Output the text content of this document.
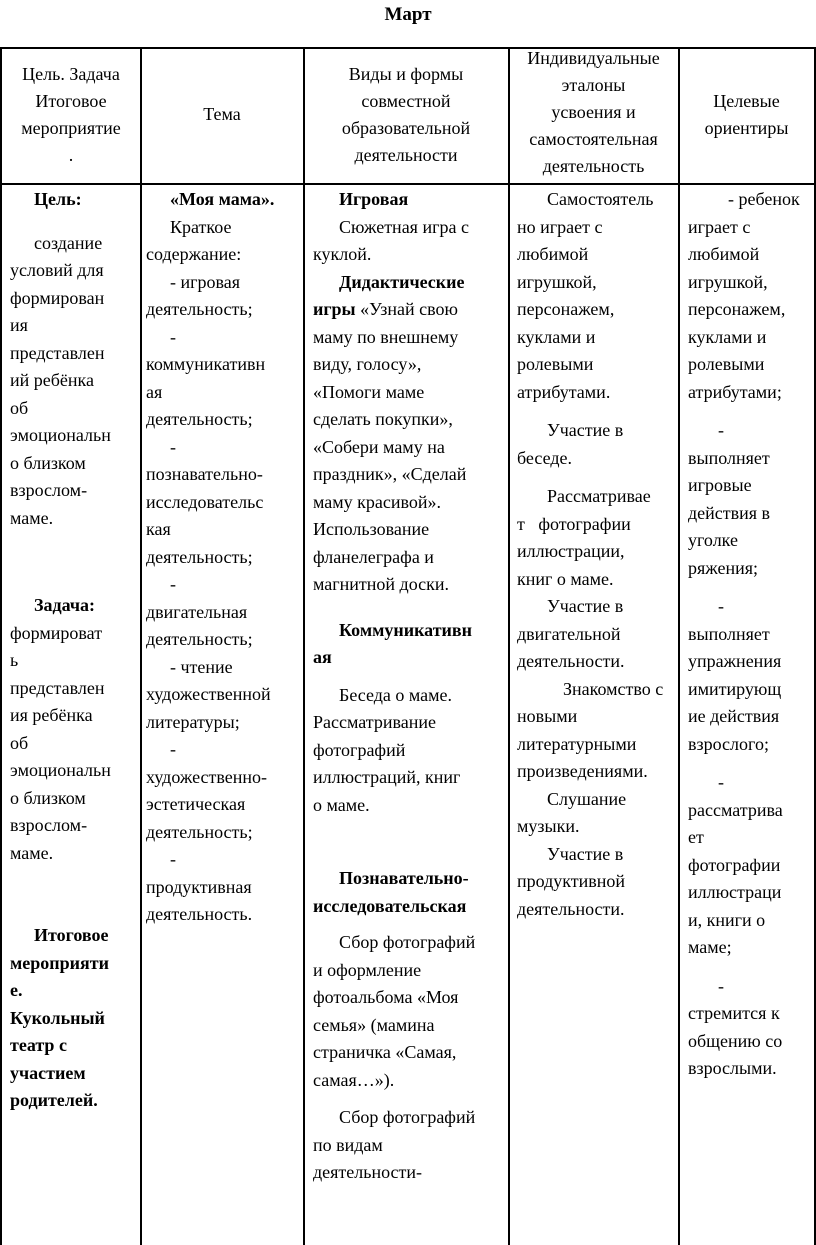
Март

Цель. Задача

Итоговое

мероприятие

.

Тема

Виды и формы

совместной

образовательной

деятельности

Индивидуальные

эталоны

усвоения и

самостоятельная

деятельность

Целевые

ориентиры

Цель:

создание

условий для

формирован

ия

представлен

ий ребёнка

об

эмоциональн

о близком

взрослом-

маме.

Задача:

формироват

ь

представлен

ия ребёнка

об

эмоциональн

о близком

взрослом-

маме.

Итоговое

мероприяти

е.

Кукольный

театр с

участием

родителей.

«Моя мама».

Краткое

содержание:

- игровая

деятельность;

-

коммуникативн

ая

деятельность;

-

познавательно-

исследовательс

кая

деятельность;

-

двигательная

деятельность;

- чтение

художественной

литературы;

-

художественно-

эстетическая

деятельность;

-

продуктивная

деятельность.

Игровая

Сюжетная игра с

куклой.

Дидактические

игры «Узнай свою

маму по внешнему

виду, голосу»,

«Помоги маме

сделать покупки»,

«Собери маму на

праздник», «Сделай

маму красивой».

Использование

фланелеграфа и

магнитной доски.

Коммуникативн

ая

Беседа о маме.

Рассматривание

фотографий

иллюстраций, книг

о маме.

Познавательно-

исследовательская

Сбор фотографий

и оформление

фотоальбома «Моя

семья» (мамина

страничка «Самая,

самая…»).

Сбор фотографий

по видам

деятельности-

Самостоятель

но играет с

любимой

игрушкой,

персонажем,

куклами и

ролевыми

атрибутами.

Участие в

беседе.

Рассматривае

т   фотографии

иллюстрации,

книг о маме.

Участие в

двигательной

деятельности.

Знакомство с

новыми

литературными

произведениями.

Слушание

музыки.

Участие в

продуктивной

деятельности.

- ребенок

играет с

любимой

игрушкой,

персонажем,

куклами и

ролевыми

атрибутами;

-

выполняет

игровые

действия в

уголке

ряжения;

-

выполняет

упражнения

имитирующ

ие действия

взрослого;

-

рассматрива

ет

фотографии

иллюстраци

и, книги о

маме;

-

стремится к

общению со

взрослыми.
